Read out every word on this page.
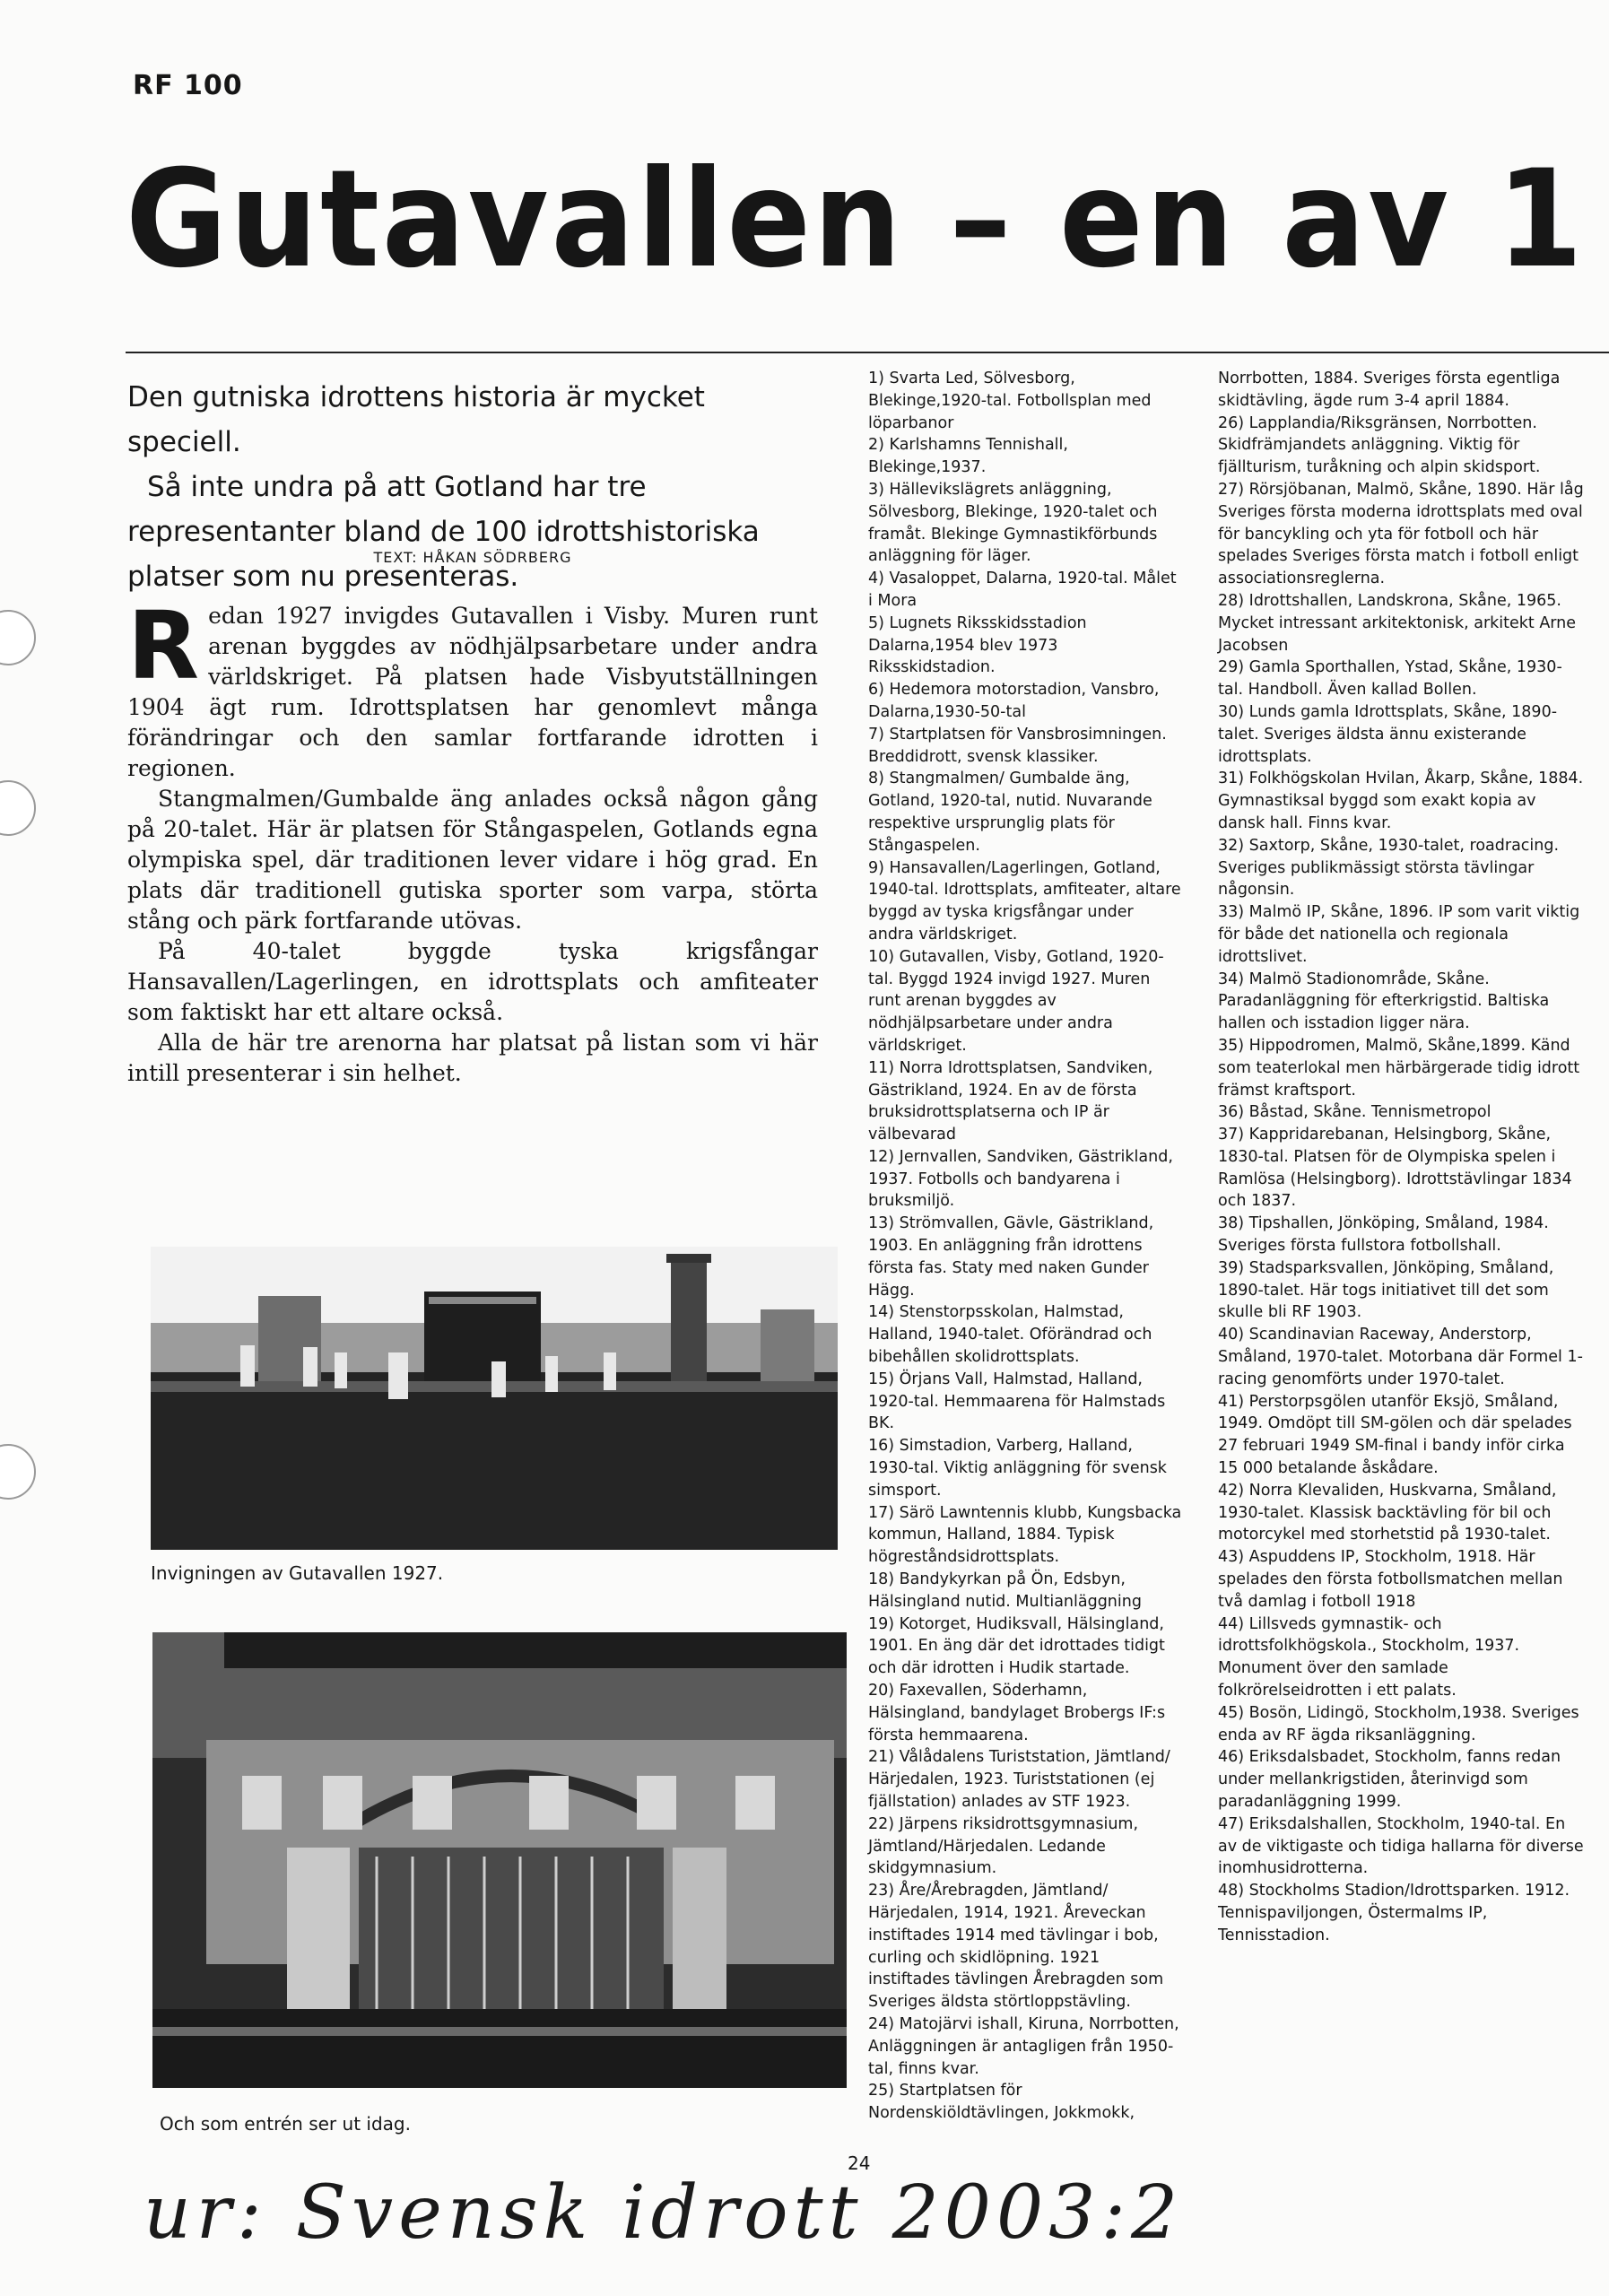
RF 100
Gutavallen – en av 1

Den gutniska idrottens historia är mycket speciell.

Så inte undra på att Gotland har tre representanter bland de 100 idrottshistoriska platser som nu presenteras.

TEXT: HÅKAN SÖDRBERG

Redan 1927 invigdes Gutavallen i Visby. Muren runt arenan byggdes av nödhjälpsarbetare under andra världskriget. På platsen hade Visbyutställningen 1904 ägt rum. Idrottsplatsen har genomlevt många förändringar och den samlar fortfarande idrotten i regionen.

Stangmalmen/Gumbalde äng anlades också någon gång på 20-talet. Här är platsen för Stångaspelen, Gotlands egna olympiska spel, där traditionen lever vidare i hög grad. En plats där traditionell gutiska sporter som varpa, störta stång och pärk fortfarande utövas.

På 40-talet byggde tyska krigsfångar Hansavallen/Lagerlingen, en idrottsplats och amfiteater som faktiskt har ett altare också.

Alla de här tre arenorna har platsat på listan som vi här intill presenterar i sin helhet.

Invigningen av Gutavallen 1927.
Och som entrén ser ut idag.

1) Svarta Led, Sölvesborg, Blekinge,1920-tal. Fotbollsplan med löparbanor

2) Karlshamns Tennishall, Blekinge,1937.

3) Hällevikslägrets anläggning, Sölvesborg, Blekinge, 1920-talet och framåt. Blekinge Gymnastikförbunds anläggning för läger.

4) Vasaloppet, Dalarna, 1920-tal. Målet i Mora

5) Lugnets Riksskidsstadion Dalarna,1954 blev 1973 Riksskidstadion.

6) Hedemora motorstadion, Vansbro, Dalarna,1930-50-tal

7) Startplatsen för Vansbrosimningen. Breddidrott, svensk klassiker.

8) Stangmalmen/ Gumbalde äng, Gotland, 1920-tal, nutid. Nuvarande respektive ursprunglig plats för Stångaspelen.

9) Hansavallen/Lagerlingen, Gotland, 1940-tal. Idrottsplats, amfiteater, altare byggd av tyska krigsfångar under andra världskriget.

10) Gutavallen, Visby, Gotland, 1920-tal. Byggd 1924 invigd 1927. Muren runt arenan byggdes av nödhjälpsarbetare under andra världskriget.

11) Norra Idrottsplatsen, Sandviken, Gästrikland, 1924. En av de första bruksidrottsplatserna och IP är välbevarad

12) Jernvallen, Sandviken, Gästrikland, 1937. Fotbolls och bandyarena i bruksmiljö.

13) Strömvallen, Gävle, Gästrikland, 1903. En anläggning från idrottens första fas. Staty med naken Gunder Hägg.

14) Stenstorpsskolan, Halmstad, Halland, 1940-talet. Oförändrad och bibehållen skolidrottsplats.

15) Örjans Vall, Halmstad, Halland, 1920-tal. Hemmaarena för Halmstads BK.

16) Simstadion, Varberg, Halland, 1930-tal. Viktig anläggning för svensk simsport.

17) Särö Lawntennis klubb, Kungsbacka kommun, Halland, 1884. Typisk högreståndsidrottsplats.

18) Bandykyrkan på Ön, Edsbyn, Hälsingland nutid. Multianläggning

19) Kotorget, Hudiksvall, Hälsingland, 1901. En äng där det idrottades tidigt och där idrotten i Hudik startade.

20) Faxevallen, Söderhamn, Hälsingland, bandylaget Brobergs IF:s första hemmaarena.

21) Vålådalens Turiststation, Jämtland/ Härjedalen, 1923. Turiststationen (ej fjällstation) anlades av STF 1923.

22) Järpens riksidrottsgymnasium, Jämtland/Härjedalen. Ledande skidgymnasium.

23) Åre/Årebragden, Jämtland/ Härjedalen, 1914, 1921. Åreveckan instiftades 1914 med tävlingar i bob, curling och skidlöpning. 1921 instiftades tävlingen Årebragden som Sveriges äldsta störtloppstävling.

24) Matojärvi ishall, Kiruna, Norrbotten, Anläggningen är antagligen från 1950-tal, finns kvar.

25) Startplatsen för Nordenskiöldtävlingen, Jokkmokk,

Norrbotten, 1884. Sveriges första egentliga skidtävling, ägde rum 3-4 april 1884.

26) Lapplandia/Riksgränsen, Norrbotten. Skidfrämjandets anläggning. Viktig för fjällturism, turåkning och alpin skidsport.

27) Rörsjöbanan, Malmö, Skåne, 1890. Här låg Sveriges första moderna idrottsplats med oval för bancykling och yta för fotboll och här spelades Sveriges första match i fotboll enligt associationsreglerna.

28) Idrottshallen, Landskrona, Skåne, 1965. Mycket intressant arkitektonisk, arkitekt Arne Jacobsen

29) Gamla Sporthallen, Ystad, Skåne, 1930-tal. Handboll. Även kallad Bollen.

30) Lunds gamla Idrottsplats, Skåne, 1890-talet. Sveriges äldsta ännu existerande idrottsplats.

31) Folkhögskolan Hvilan, Åkarp, Skåne, 1884. Gymnastiksal byggd som exakt kopia av dansk hall. Finns kvar.

32) Saxtorp, Skåne, 1930-talet, roadracing. Sveriges publikmässigt största tävlingar någonsin.

33) Malmö IP, Skåne, 1896. IP som varit viktig för både det nationella och regionala idrottslivet.

34) Malmö Stadionområde, Skåne. Paradanläggning för efterkrigstid. Baltiska hallen och isstadion ligger nära.

35) Hippodromen, Malmö, Skåne,1899. Känd som teaterlokal men härbärgerade tidig idrott främst kraftsport.

36) Båstad, Skåne. Tennismetropol

37) Kappridarebanan, Helsingborg, Skåne, 1830-tal. Platsen för de Olympiska spelen i Ramlösa (Helsingborg). Idrottstävlingar 1834 och 1837.

38) Tipshallen, Jönköping, Småland, 1984. Sveriges första fullstora fotbollshall.

39) Stadsparksvallen, Jönköping, Småland, 1890-talet. Här togs initiativet till det som skulle bli RF 1903.

40) Scandinavian Raceway, Anderstorp, Småland, 1970-talet. Motorbana där Formel 1-racing genomförts under 1970-talet.

41) Perstorpsgölen utanför Eksjö, Småland, 1949. Omdöpt till SM-gölen och där spelades 27 februari 1949 SM-final i bandy inför cirka 15 000 betalande åskådare.

42) Norra Klevaliden, Huskvarna, Småland, 1930-talet. Klassisk backtävling för bil och motorcykel med storhetstid på 1930-talet.

43) Aspuddens IP, Stockholm, 1918. Här spelades den första fotbollsmatchen mellan två damlag i fotboll 1918

44) Lillsveds gymnastik- och idrottsfolkhögskola., Stockholm, 1937. Monument över den samlade folkrörelseidrotten i ett palats.

45) Bosön, Lidingö, Stockholm,1938. Sveriges enda av RF ägda riksanläggning.

46) Eriksdalsbadet, Stockholm, fanns redan under mellankrigstiden, återinvigd som paradanläggning 1999.

47) Eriksdalshallen, Stockholm, 1940-tal. En av de viktigaste och tidiga hallarna för diverse inomhusidrotterna.

48) Stockholms Stadion/Idrottsparken. 1912. Tennispaviljongen, Östermalms IP, Tennisstadion.

24
ur: Svensk idrott 2003:2
